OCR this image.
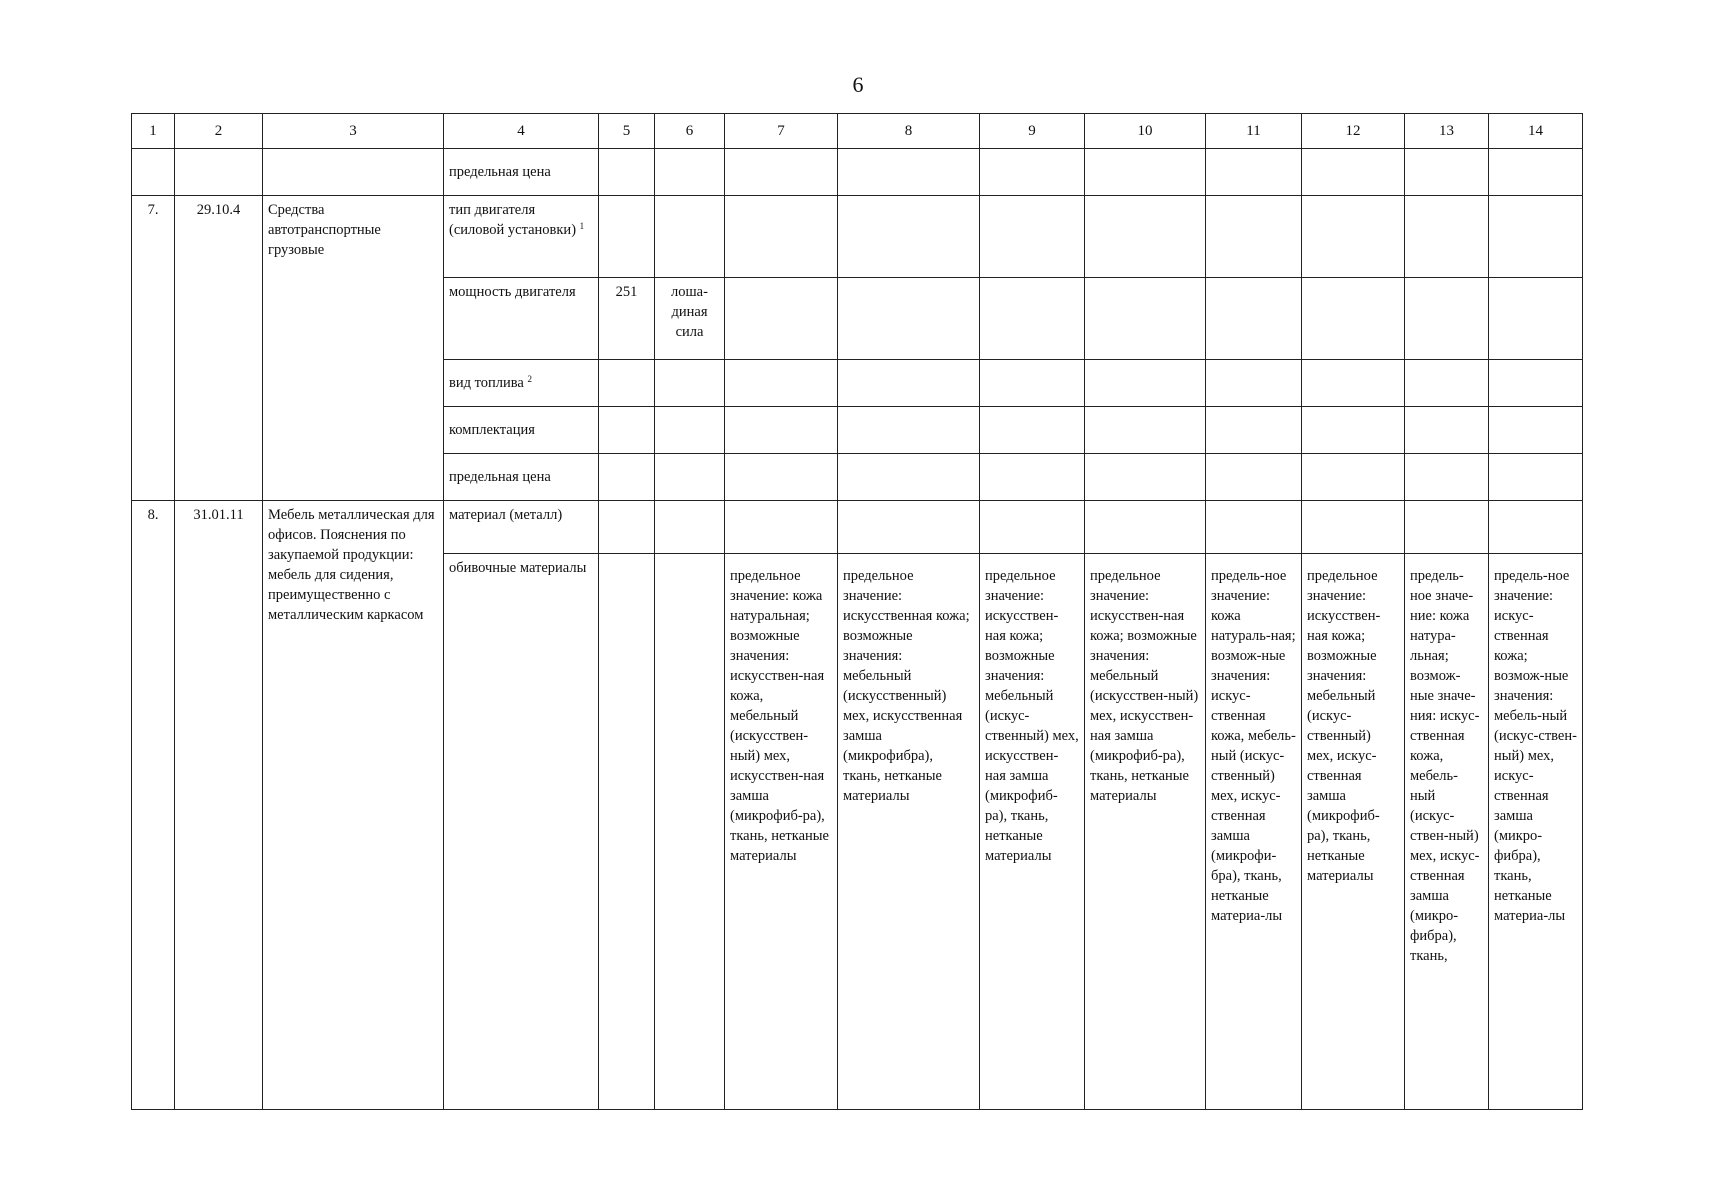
6
1	2	3	4	5	6	7	8	9	10	11	12	13	14
			предельная цена										
7.	29.10.4	Средства автотранспортные грузовые	тип двигателя (силовой установки) $^1$										
			мощность двигателя	251	лоша-диная сила								
			вид топлива $^2$										
			комплектация										
			предельная цена										
8.	31.01.11	Мебель металлическая для офисов. Пояснения по закупаемой продукции: мебель для сидения, преимущественно с металлическим каркасом	материал (металл)										
			обивочные материалы			предельное значение: кожа натуральная; возможные значения: искусствен-ная кожа, мебельный (искусствен-ный) мех, искусствен-ная замша (микрофиб-ра), ткань, нетканые материалы	предельное значение: искусственная кожа; возможные значения: мебельный (искусственный) мех, искусственная замша (микрофибра), ткань, нетканые материалы	предельное значение: искусствен-ная кожа; возможные значения: мебельный (искус-ственный) мех, искусствен-ная замша (микрофиб-ра), ткань, нетканые материалы	предельное значение: искусствен-ная кожа; возможные значения: мебельный (искусствен-ный) мех, искусствен-ная замша (микрофиб-ра), ткань, нетканые материалы	предель-ное значение: кожа натураль-ная; возмож-ные значения: искус-ственная кожа, мебель-ный (искус-ственный) мех, искус-ственная замша (микрофи-бра), ткань, нетканые материа-лы	предельное значение: искусствен-ная кожа; возможные значения: мебельный (искус-ственный) мех, искус-ственная замша (микрофиб-ра), ткань, нетканые материалы	предель-ное значе-ние: кожа натура-льная; возмож-ные значе-ния: искус-ственная кожа, мебель-ный (искус-ствен-ный) мех, искус-ственная замша (микро-фибра), ткань,	предель-ное значение: искус-ственная кожа; возмож-ные значения: мебель-ный (искус-ствен-ный) мех, искус-ственная замша (микро-фибра), ткань, нетканые материа-лы
